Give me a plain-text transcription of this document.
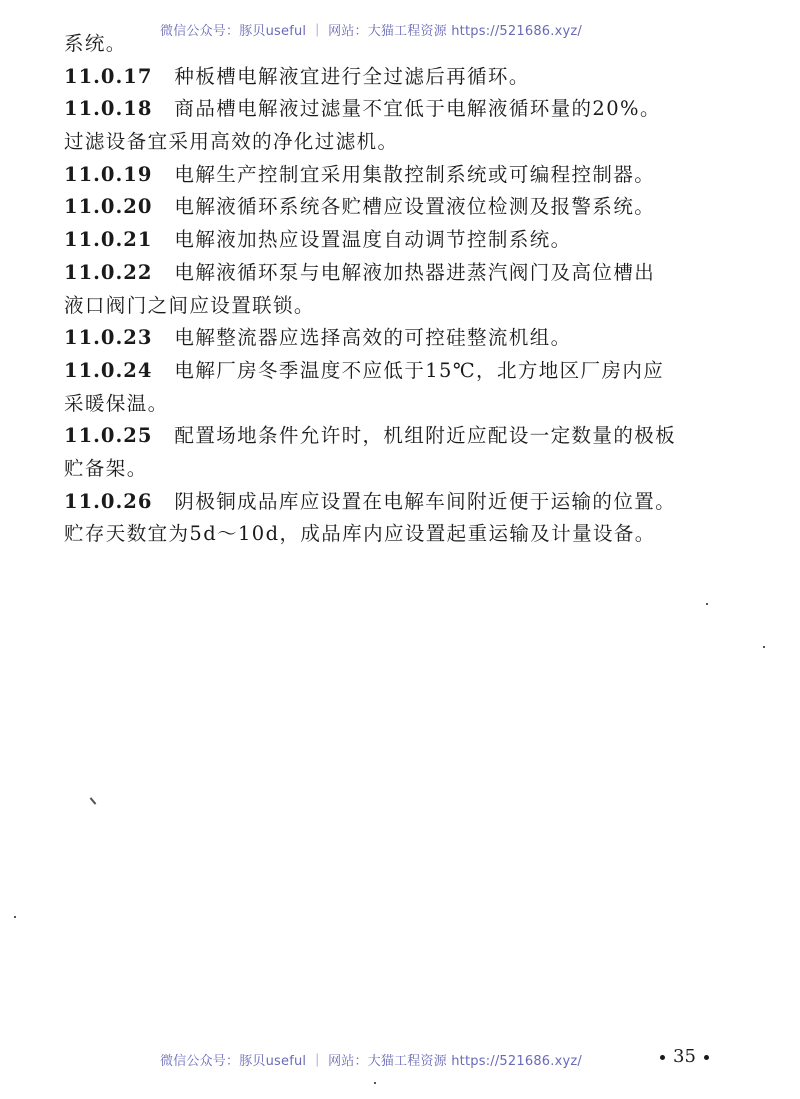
微信公众号：豚贝useful ｜ 网站：大猫工程资源 https://521686.xyz/
系统。
11.0.17 种板槽电解液宜进行全过滤后再循环。
11.0.18 商品槽电解液过滤量不宜低于电解液循环量的20%。
过滤设备宜采用高效的净化过滤机。
11.0.19 电解生产控制宜采用集散控制系统或可编程控制器。
11.0.20 电解液循环系统各贮槽应设置液位检测及报警系统。
11.0.21 电解液加热应设置温度自动调节控制系统。
11.0.22 电解液循环泵与电解液加热器进蒸汽阀门及高位槽出
液口阀门之间应设置联锁。
11.0.23 电解整流器应选择高效的可控硅整流机组。
11.0.24 电解厂房冬季温度不应低于15℃，北方地区厂房内应
采暖保温。
11.0.25 配置场地条件允许时，机组附近应配设一定数量的极板
贮备架。
11.0.26 阴极铜成品库应设置在电解车间附近便于运输的位置。
贮存天数宜为5d～10d，成品库内应设置起重运输及计量设备。
微信公众号：豚贝useful ｜ 网站：大猫工程资源 https://521686.xyz/	35
